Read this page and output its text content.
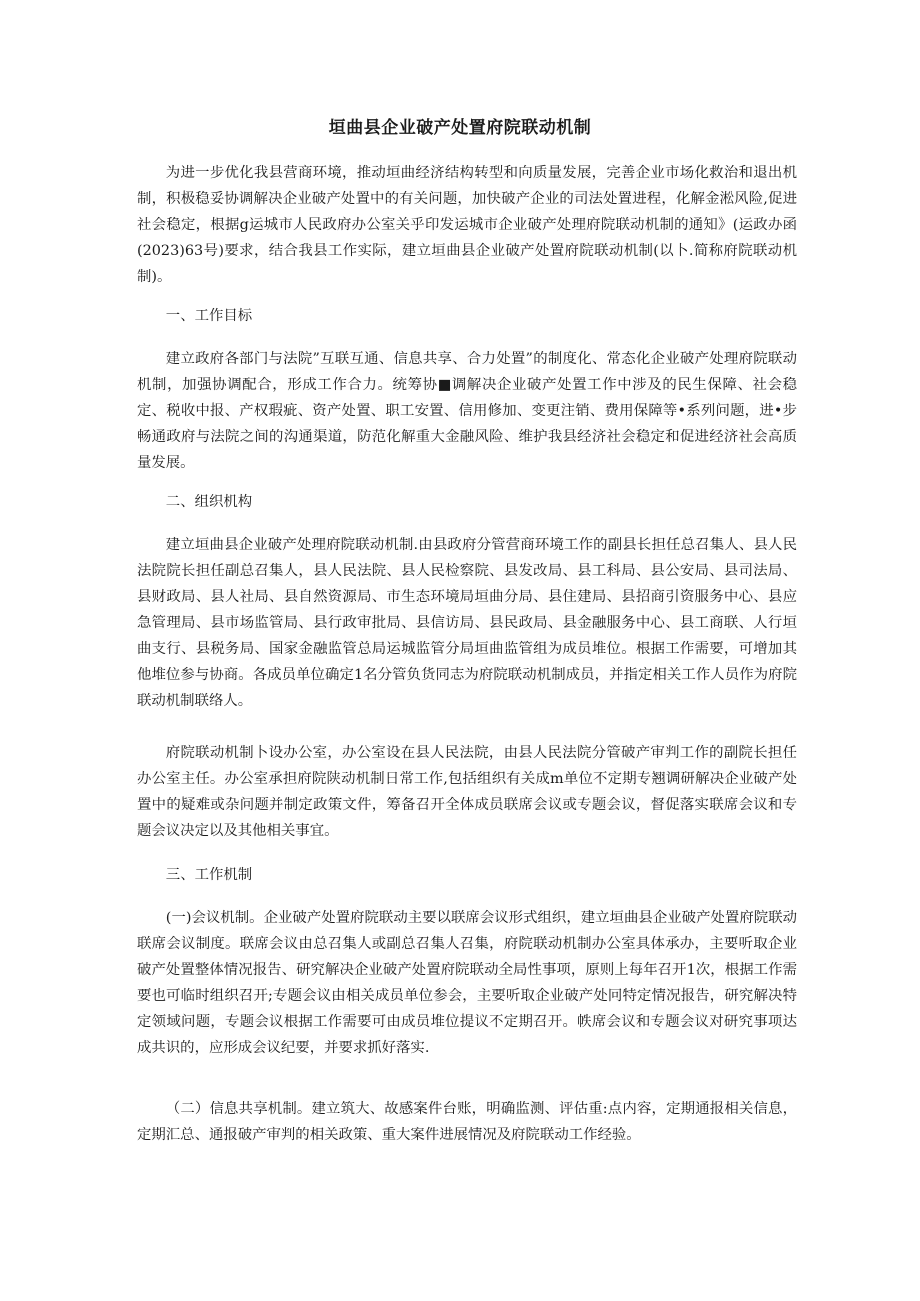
垣曲县企业破产处置府院联动机制

为进一步优化我县营商环境，推动垣曲经济结构转型和向质量发展，完善企业市场化救治和退出机制，积极稳妥协调解决企业破产处置中的有关问题，加快破产企业的司法处置进程，化解金淞风险,促进社会稳定，根据g运城市人民政府办公室关乎印发运城市企业破产处理府院联动机制的通知》(运政办函(2023)63号)要求，结合我县工作实际，建立垣曲县企业破产处置府院联动机制(以卜.简称府院联动机制)。

一、工作目标

建立政府各部门与法院”互联互通、信息共享、合力处置”的制度化、常态化企业破产处理府院联动机制，加强协调配合，形成工作合力。统筹协■调解决企业破产处置工作中涉及的民生保障、社会稳定、税收中报、产权瑕疵、资产处置、职工安置、信用修加、变更注销、费用保障等•系列问题，进•步畅通政府与法院之间的沟通渠道，防范化解重大金融风险、维护我县经济社会稳定和促进经济社会高质量发展。

二、组织机构

建立垣曲县企业破产处理府院联动机制.由县政府分管营商环境工作的副县长担任总召集人、县人民法院院长担任副总召集人，县人民法院、县人民检察院、县发改局、县工科局、县公安局、县司法局、县财政局、县人社局、县自然资源局、市生态环境局垣曲分局、县住建局、县招商引资服务中心、县应急管理局、县市场监管局、县行政审批局、县信访局、县民政局、县金融服务中心、县工商联、人行垣曲支行、县税务局、国家金融监管总局运城监管分局垣曲监管组为成员堆位。根据工作需要，可增加其他堆位参与协商。各成员单位确定1名分管负货同志为府院联动机制成员，并指定相关工作人员作为府院联动机制联络人。

府院联动机制卜设办公室，办公室设在县人民法院，由县人民法院分管破产审判工作的副院长担任办公室主任。办公室承担府院陕动机制日常工作,包括组织有关成m单位不定期专翘调研解决企业破产处置中的疑难或杂问题并制定政策文件，筹备召开全体成员联席会议或专题会议，督促落实联席会议和专题会议决定以及其他相关事宜。

三、工作机制

(一)会议机制。企业破产处置府院联动主要以联席会议形式组织，建立垣曲县企业破产处置府院联动联席会议制度。联席会议由总召集人或副总召集人召集，府院联动机制办公室具体承办，主要听取企业破产处置整体情况报告、研究解决企业破产处置府院联动全局性事项，原则上每年召开1次，根据工作需要也可临时组织召开;专题会议由相关成员单位参会，主要听取企业破产处冋特定情况报告，研究解决特定领域问题，专题会议根据工作需要可由成员堆位提议不定期召开。帙席会议和专题会议对研究事项达成共识的，应形成会议纪要，并要求抓好落实.

（二）信息共享机制。建立筑大、故感案件台账，明确监测、评估重:点内容，定期通报相关信息，定期汇总、通报破产审判的相关政策、重大案件进展情况及府院联动工作经验。
